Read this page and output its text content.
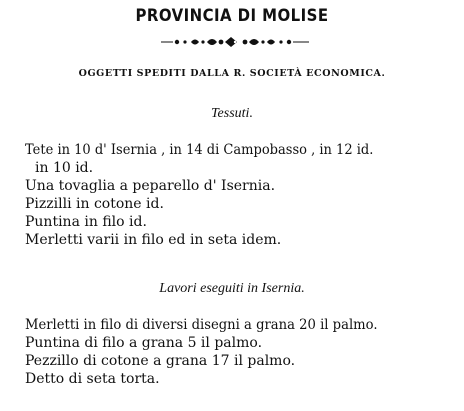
PROVINCIA DI MOLISE
OGGETTI SPEDITI DALLA R. SOCIETÀ ECONOMICA.
Tessuti.
Tete in 10 d' Isernia , in 14 di Campobasso , in 12 id.
in 10 id.
Una tovaglia a peparello d' Isernia.
Pizzilli in cotone id.
Puntina in filo id.
Merletti varii in filo ed in seta idem.
Lavori eseguiti in Isernia.
Merletti in filo di diversi disegni a grana 20 il palmo.
Puntina di filo a grana 5 il palmo.
Pezzillo di cotone a grana 17 il palmo.
Detto di seta torta.
